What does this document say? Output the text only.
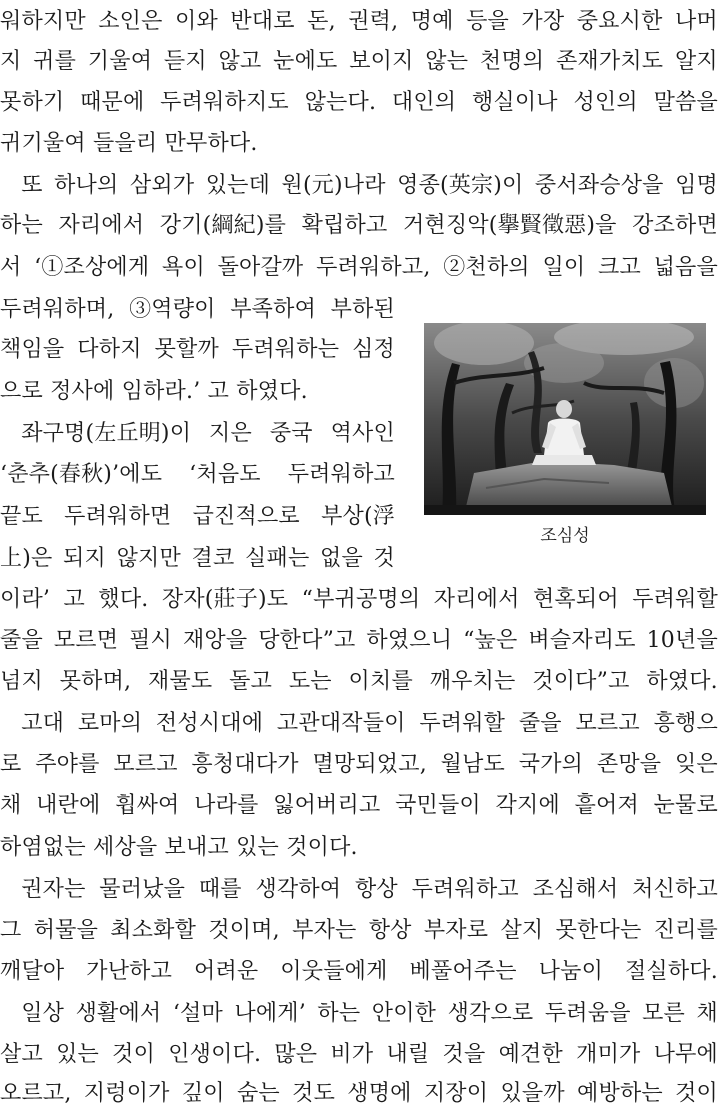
워하지만 소인은 이와 반대로 돈, 권력, 명예 등을 가장 중요시한 나머
지 귀를 기울여 듣지 않고 눈에도 보이지 않는 천명의 존재가치도 알지
못하기 때문에 두려워하지도 않는다. 대인의 행실이나 성인의 말씀을
귀기울여 들을리 만무하다.
또 하나의 삼외가 있는데 원(元)나라 영종(英宗)이 중서좌승상을 임명
하는 자리에서 강기(綱紀)를 확립하고 거현징악(擧賢徵惡)을 강조하면
서 ‘①조상에게 욕이 돌아갈까 두려워하고, ②천하의 일이 크고 넓음을
두려워하며, ③역량이 부족하여 부하된
책임을 다하지 못할까 두려워하는 심정
으로 정사에 임하라.’ 고 하였다.
좌구명(左丘明)이 지은 중국 역사인
‘춘추(春秋)’에도 ‘처음도 두려워하고
끝도 두려워하면 급진적으로 부상(浮
上)은 되지 않지만 결코 실패는 없을 것
이라’ 고 했다. 장자(莊子)도 “부귀공명의 자리에서 현혹되어 두려워할
줄을 모르면 필시 재앙을 당한다”고 하였으니 “높은 벼슬자리도 10년을
넘지 못하며, 재물도 돌고 도는 이치를 깨우치는 것이다”고 하였다.
고대 로마의 전성시대에 고관대작들이 두려워할 줄을 모르고 흥행으
로 주야를 모르고 흥청대다가 멸망되었고, 월남도 국가의 존망을 잊은
채 내란에 휩싸여 나라를 잃어버리고 국민들이 각지에 흩어져 눈물로
하염없는 세상을 보내고 있는 것이다.
권자는 물러났을 때를 생각하여 항상 두려워하고 조심해서 처신하고
그 허물을 최소화할 것이며, 부자는 항상 부자로 살지 못한다는 진리를
깨달아 가난하고 어려운 이웃들에게 베풀어주는 나눔이 절실하다.
일상 생활에서 ‘설마 나에게’ 하는 안이한 생각으로 두려움을 모른 채
살고 있는 것이 인생이다. 많은 비가 내릴 것을 예견한 개미가 나무에
오르고, 지렁이가 깊이 숨는 것도 생명에 지장이 있을까 예방하는 것이
조심성
